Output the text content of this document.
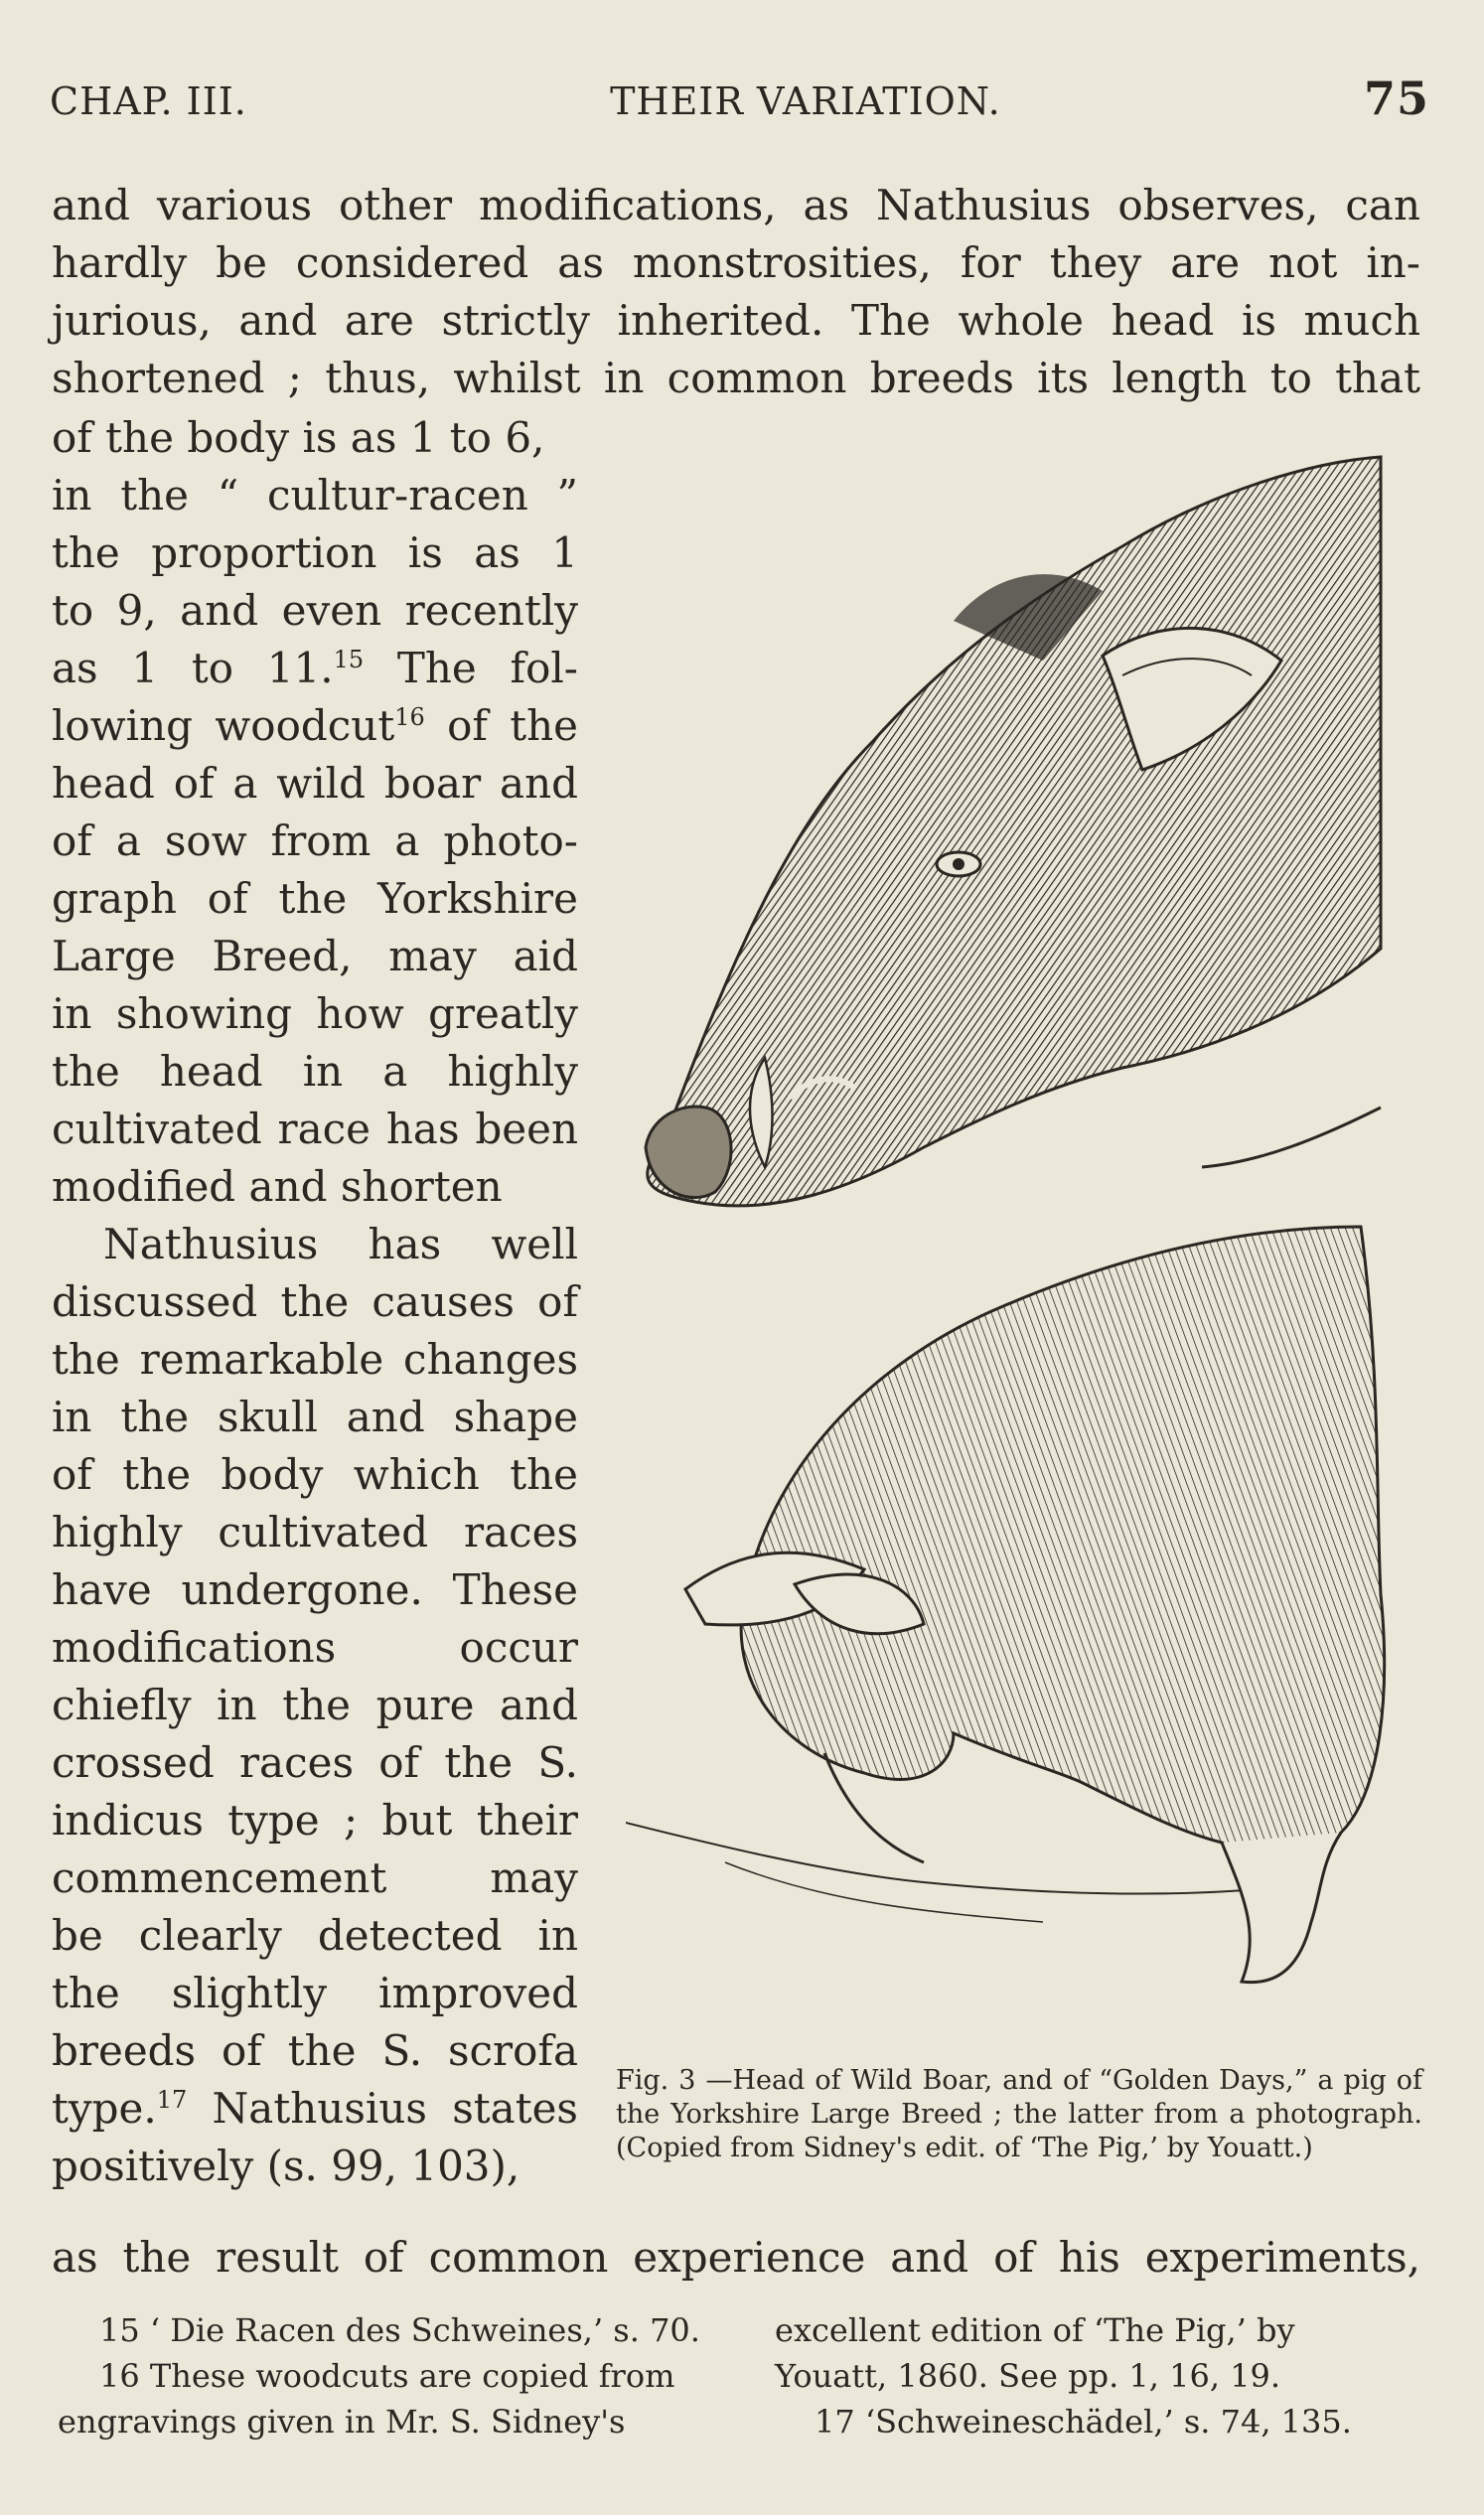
CHAP. III.	THEIR VARIATION.	75
and various other modifications, as Nathusius observes, can
hardly be considered as monstrosities, for they are not in-
jurious, and are strictly inherited. The whole head is much
shortened ; thus, whilst in common breeds its length to that
of the body is as 1 to 6,
in the “ cultur-racen ”
the proportion is as 1
to 9, and even recently
as 1 to 11.15 The fol-
lowing woodcut$^{16}$ of the
head of a wild boar and
of a sow from a photo-
graph of the Yorkshire
Large Breed, may aid
in showing how greatly
the head in a highly
cultivated race has been
modified and shorten
Nathusius has well
discussed the causes of
the remarkable changes
in the skull and shape
of the body which the
highly cultivated races
have undergone. These
modifications occur
chiefly in the pure and
crossed races of the S.
indicus type ; but their
commencement may
be clearly detected in
the slightly improved
breeds of the S. scrofa
type.$^{17}$ Nathusius states
positively (s. 99, 103),
as the result of common experience and of his experiments,
Fig. 3 —Head of Wild Boar, and of “Golden Days,” a pig of the Yorkshire Large Breed ; the latter from a photograph. (Copied from Sidney's edit. of ‘The Pig,’ by Youatt.)
15 ‘ Die Racen des Schweines,’ s. 70.
16 These woodcuts are copied from
engravings given in Mr. S. Sidney's
excellent edition of ‘The Pig,’ by
Youatt, 1860. See pp. 1, 16, 19.
17 ‘Schweineschädel,’ s. 74, 135.
